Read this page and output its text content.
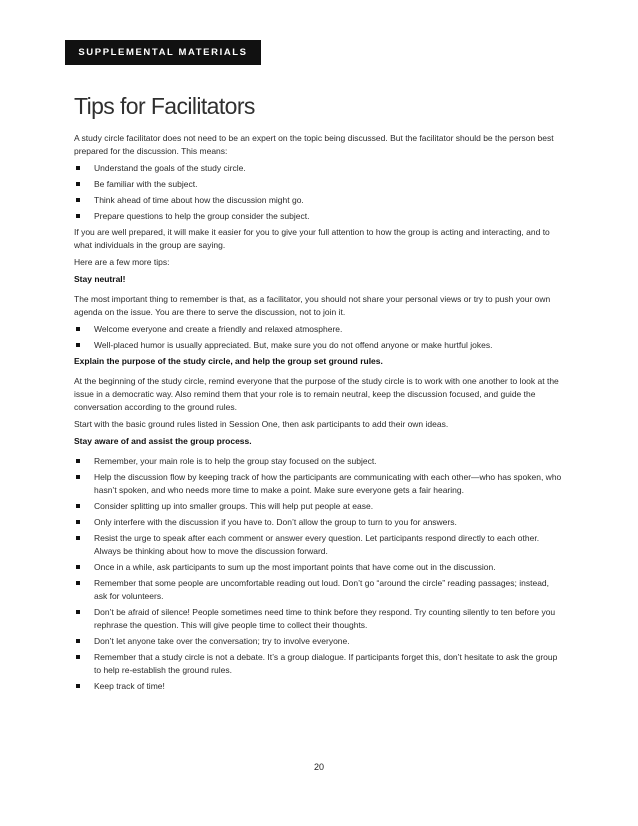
SUPPLEMENTAL MATERIALS
Tips for Facilitators

A study circle facilitator does not need to be an expert on the topic being discussed. But the facilitator should be the person best prepared for the discussion. This means:

Understand the goals of the study circle.
Be familiar with the subject.
Think ahead of time about how the discussion might go.
Prepare questions to help the group consider the subject.

If you are well prepared, it will make it easier for you to give your full attention to how the group is acting and interacting, and to what individuals in the group are saying.

Here are a few more tips:

Stay neutral!

The most important thing to remember is that, as a facilitator, you should not share your personal views or try to push your own agenda on the issue. You are there to serve the discussion, not to join it.

Welcome everyone and create a friendly and relaxed atmosphere.
Well-placed humor is usually appreciated. But, make sure you do not offend anyone or make hurtful jokes.

Explain the purpose of the study circle, and help the group set ground rules.

At the beginning of the study circle, remind everyone that the purpose of the study circle is to work with one another to look at the issue in a democratic way. Also remind them that your role is to remain neutral, keep the discussion focused, and guide the conversation according to the ground rules.

Start with the basic ground rules listed in Session One, then ask participants to add their own ideas.

Stay aware of and assist the group process.

Remember, your main role is to help the group stay focused on the subject.
Help the discussion flow by keeping track of how the participants are communicating with each other—who has spoken, who hasn’t spoken, and who needs more time to make a point. Make sure everyone gets a fair hearing.
Consider splitting up into smaller groups. This will help put people at ease.
Only interfere with the discussion if you have to. Don’t allow the group to turn to you for answers.
Resist the urge to speak after each comment or answer every question. Let participants respond directly to each other. Always be thinking about how to move the discussion forward.
Once in a while, ask participants to sum up the most important points that have come out in the discussion.
Remember that some people are uncomfortable reading out loud. Don’t go “around the circle” reading passages; instead, ask for volunteers.
Don’t be afraid of silence! People sometimes need time to think before they respond. Try counting silently to ten before you rephrase the question. This will give people time to collect their thoughts.
Don’t let anyone take over the conversation; try to involve everyone.
Remember that a study circle is not a debate. It’s a group dialogue. If participants forget this, don’t hesitate to ask the group to help re-establish the ground rules.
Keep track of time!
20
